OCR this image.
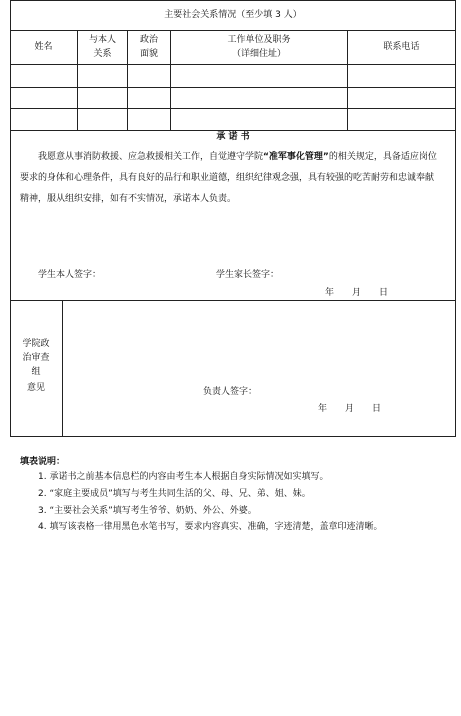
主要社会关系情况（至少填 3 人）
姓名
与本人
关系
政治
面貌
工作单位及职务
（详细住址）
联系电话
承 诺 书
我愿意从事消防救援、应急救援相关工作，自觉遵守学院“准军事化管理”的相关规定，具备适应岗位要求的身体和心理条件，具有良好的品行和职业道德，组织纪律观念强，具有较强的吃苦耐劳和忠诚奉献精神，服从组织安排，如有不实情况，承诺本人负责。
学生本人签字：	学生家长签字：
年　　月　　日
学院政
治审查
组
意见	负责人签字：
年　　月　　日
填表说明：
1. 承诺书之前基本信息栏的内容由考生本人根据自身实际情况如实填写。
2. “家庭主要成员”填写与考生共同生活的父、母、兄、弟、姐、妹。
3. “主要社会关系”填写考生爷爷、奶奶、外公、外婆。
4. 填写该表格一律用黑色水笔书写，要求内容真实、准确，字迹清楚，盖章印迹清晰。
